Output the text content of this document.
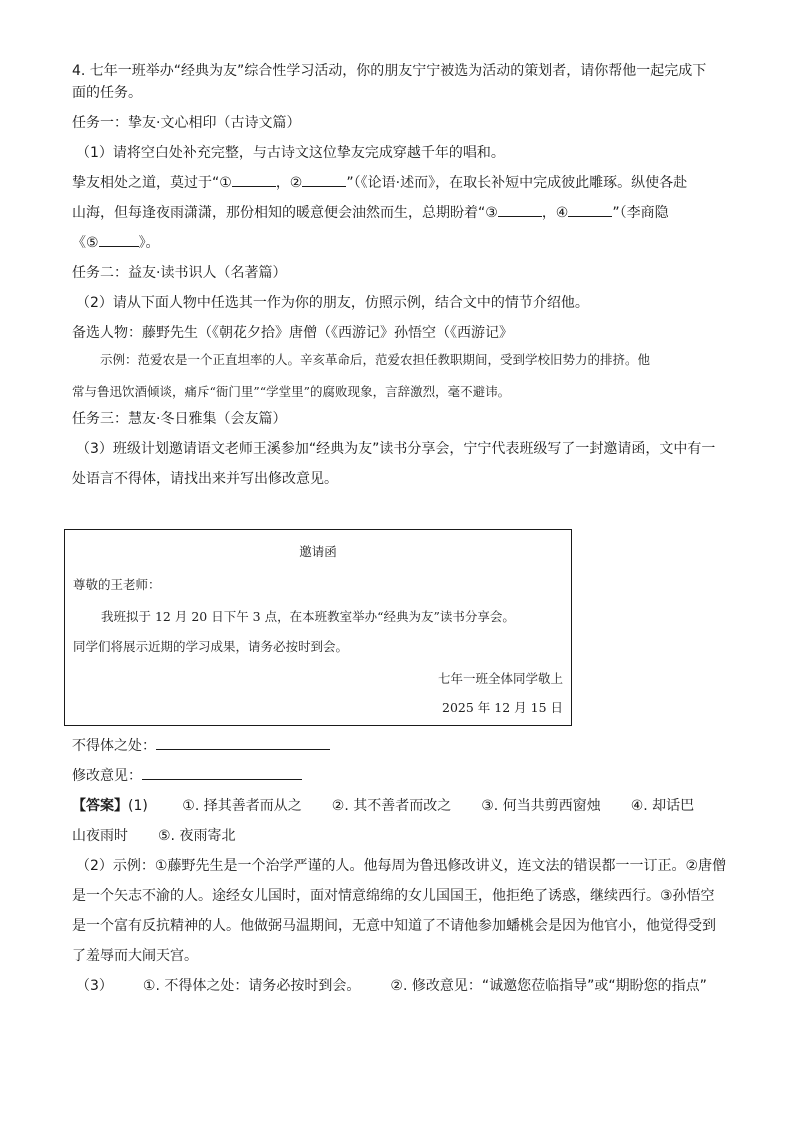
4. 七年一班举办“经典为友”综合性学习活动，你的朋友宁宁被选为活动的策划者，请你帮他一起完成下

面的任务。

任务一：挚友·文心相印（古诗文篇）

（1）请将空白处补充完整，与古诗文这位挚友完成穿越千年的唱和。

挚友相处之道，莫过于“①	，②	”（《论语·述而》，在取长补短中完成彼此雕琢。纵使各赴

山海，但每逢夜雨潇潇，那份相知的暖意便会油然而生，总期盼着“③	，④	”（李商隐

《⑤	》。

任务二：益友·读书识人（名著篇）

（2）请从下面人物中任选其一作为你的朋友，仿照示例，结合文中的情节介绍他。

备选人物：藤野先生（《朝花夕拾》唐僧（《西游记》孙悟空（《西游记》

示例：范爱农是一个正直坦率的人。辛亥革命后，范爱农担任教职期间，受到学校旧势力的排挤。他
常与鲁迅饮酒倾谈，痛斥“衙门里”“学堂里”的腐败现象，言辞激烈，毫不避讳。

任务三：慧友·冬日雅集（会友篇）

（3）班级计划邀请语文老师王溪参加“经典为友”读书分享会，宁宁代表班级写了一封邀请函，文中有一

处语言不得体，请找出来并写出修改意见。

邀请函
尊敬的王老师：
我班拟于 12 月 20 日下午 3 点，在本班教室举办“经典为友”读书分享会。
同学们将展示近期的学习成果，请务必按时到会。
七年一班全体同学敬上
2025 年 12 月 15 日
不得体之处：
修改意见：

【答案】(1) ①. 择其善者而从之 ②. 其不善者而改之 ③. 何当共剪西窗烛 ④. 却话巴

山夜雨时 ⑤. 夜雨寄北

（2）示例：①藤野先生是一个治学严谨的人。他每周为鲁迅修改讲义，连文法的错误都一一订正。②唐僧

是一个矢志不渝的人。途经女儿国时，面对情意绵绵的女儿国国王，他拒绝了诱惑，继续西行。③孙悟空

是一个富有反抗精神的人。他做弼马温期间，无意中知道了不请他参加蟠桃会是因为他官小，他觉得受到

了羞辱而大闹天宫。

（3） ①. 不得体之处：请务必按时到会。 ②. 修改意见：“诚邀您莅临指导”或“期盼您的指点”
